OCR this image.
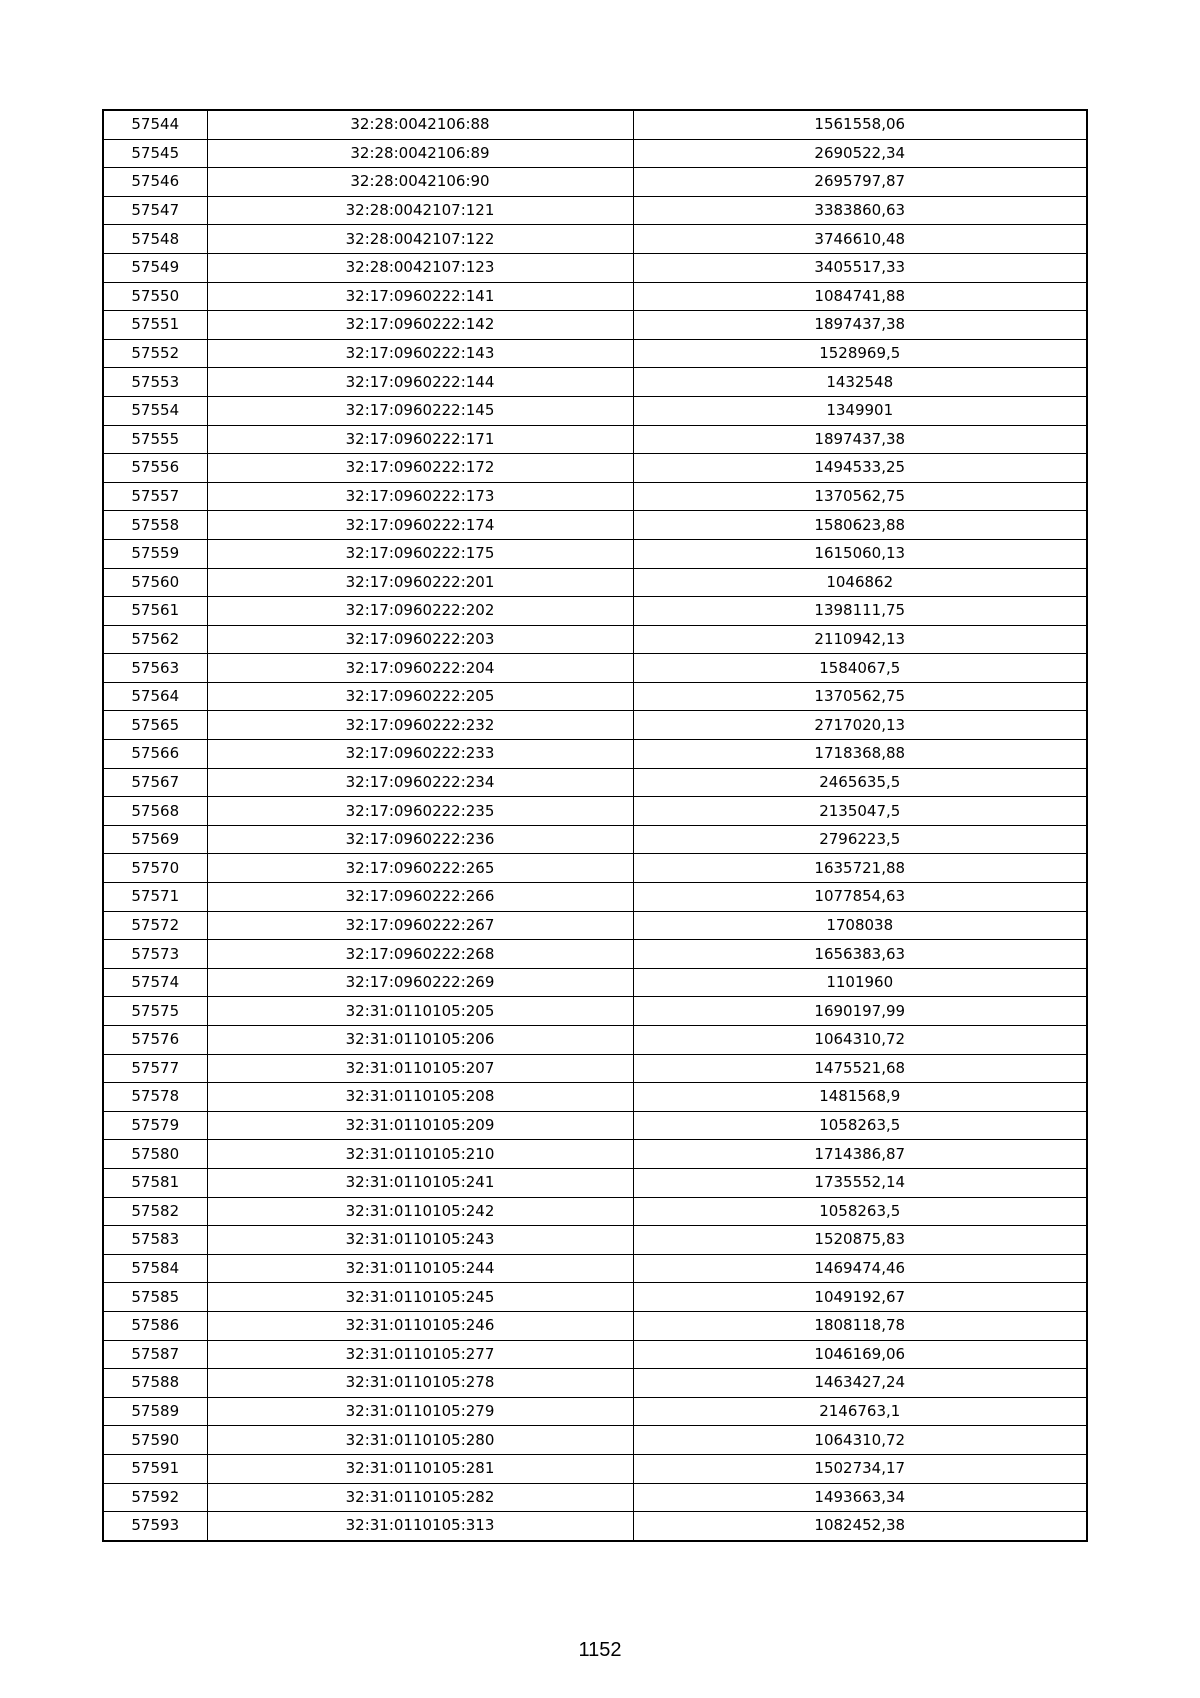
57544	32:28:0042106:88	1561558,06
57545	32:28:0042106:89	2690522,34
57546	32:28:0042106:90	2695797,87
57547	32:28:0042107:121	3383860,63
57548	32:28:0042107:122	3746610,48
57549	32:28:0042107:123	3405517,33
57550	32:17:0960222:141	1084741,88
57551	32:17:0960222:142	1897437,38
57552	32:17:0960222:143	1528969,5
57553	32:17:0960222:144	1432548
57554	32:17:0960222:145	1349901
57555	32:17:0960222:171	1897437,38
57556	32:17:0960222:172	1494533,25
57557	32:17:0960222:173	1370562,75
57558	32:17:0960222:174	1580623,88
57559	32:17:0960222:175	1615060,13
57560	32:17:0960222:201	1046862
57561	32:17:0960222:202	1398111,75
57562	32:17:0960222:203	2110942,13
57563	32:17:0960222:204	1584067,5
57564	32:17:0960222:205	1370562,75
57565	32:17:0960222:232	2717020,13
57566	32:17:0960222:233	1718368,88
57567	32:17:0960222:234	2465635,5
57568	32:17:0960222:235	2135047,5
57569	32:17:0960222:236	2796223,5
57570	32:17:0960222:265	1635721,88
57571	32:17:0960222:266	1077854,63
57572	32:17:0960222:267	1708038
57573	32:17:0960222:268	1656383,63
57574	32:17:0960222:269	1101960
57575	32:31:0110105:205	1690197,99
57576	32:31:0110105:206	1064310,72
57577	32:31:0110105:207	1475521,68
57578	32:31:0110105:208	1481568,9
57579	32:31:0110105:209	1058263,5
57580	32:31:0110105:210	1714386,87
57581	32:31:0110105:241	1735552,14
57582	32:31:0110105:242	1058263,5
57583	32:31:0110105:243	1520875,83
57584	32:31:0110105:244	1469474,46
57585	32:31:0110105:245	1049192,67
57586	32:31:0110105:246	1808118,78
57587	32:31:0110105:277	1046169,06
57588	32:31:0110105:278	1463427,24
57589	32:31:0110105:279	2146763,1
57590	32:31:0110105:280	1064310,72
57591	32:31:0110105:281	1502734,17
57592	32:31:0110105:282	1493663,34
57593	32:31:0110105:313	1082452,38
1152
